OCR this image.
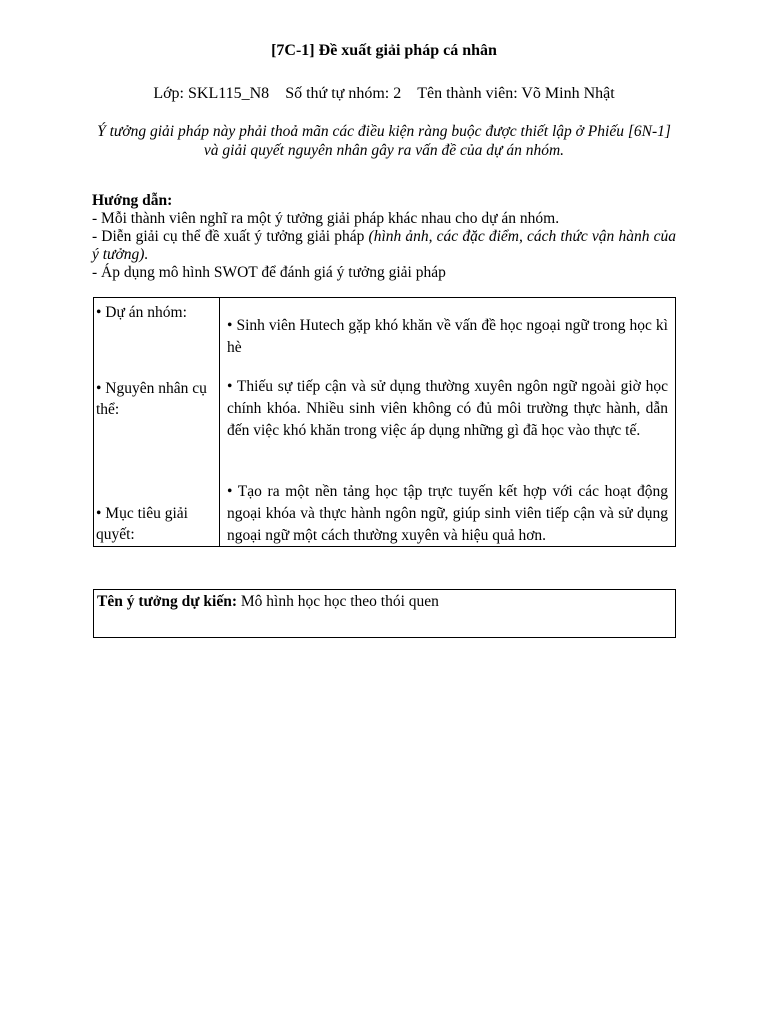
[7C-1] Đề xuất giải pháp cá nhân
Lớp: SKL115_N8 Số thứ tự nhóm: 2 Tên thành viên: Võ Minh Nhật
Ý tưởng giải pháp này phải thoả mãn các điều kiện ràng buộc được thiết lập ở Phiếu [6N-1] và giải quyết nguyên nhân gây ra vấn đề của dự án nhóm.
Hướng dẫn:
- Mỗi thành viên nghĩ ra một ý tưởng giải pháp khác nhau cho dự án nhóm.
- Diễn giải cụ thể đề xuất ý tưởng giải pháp (hình ảnh, các đặc điểm, cách thức vận hành của ý tưởng).
- Áp dụng mô hình SWOT để đánh giá ý tưởng giải pháp
• Dự án nhóm:
• Sinh viên Hutech gặp khó khăn về vấn đề học ngoại ngữ trong học kì hè
• Nguyên nhân cụ thể:
• Thiếu sự tiếp cận và sử dụng thường xuyên ngôn ngữ ngoài giờ học chính khóa. Nhiều sinh viên không có đủ môi trường thực hành, dẫn đến việc khó khăn trong việc áp dụng những gì đã học vào thực tế.
• Mục tiêu giải quyết:
• Tạo ra một nền tảng học tập trực tuyến kết hợp với các hoạt động ngoại khóa và thực hành ngôn ngữ, giúp sinh viên tiếp cận và sử dụng ngoại ngữ một cách thường xuyên và hiệu quả hơn.
Tên ý tưởng dự kiến: Mô hình học học theo thói quen
